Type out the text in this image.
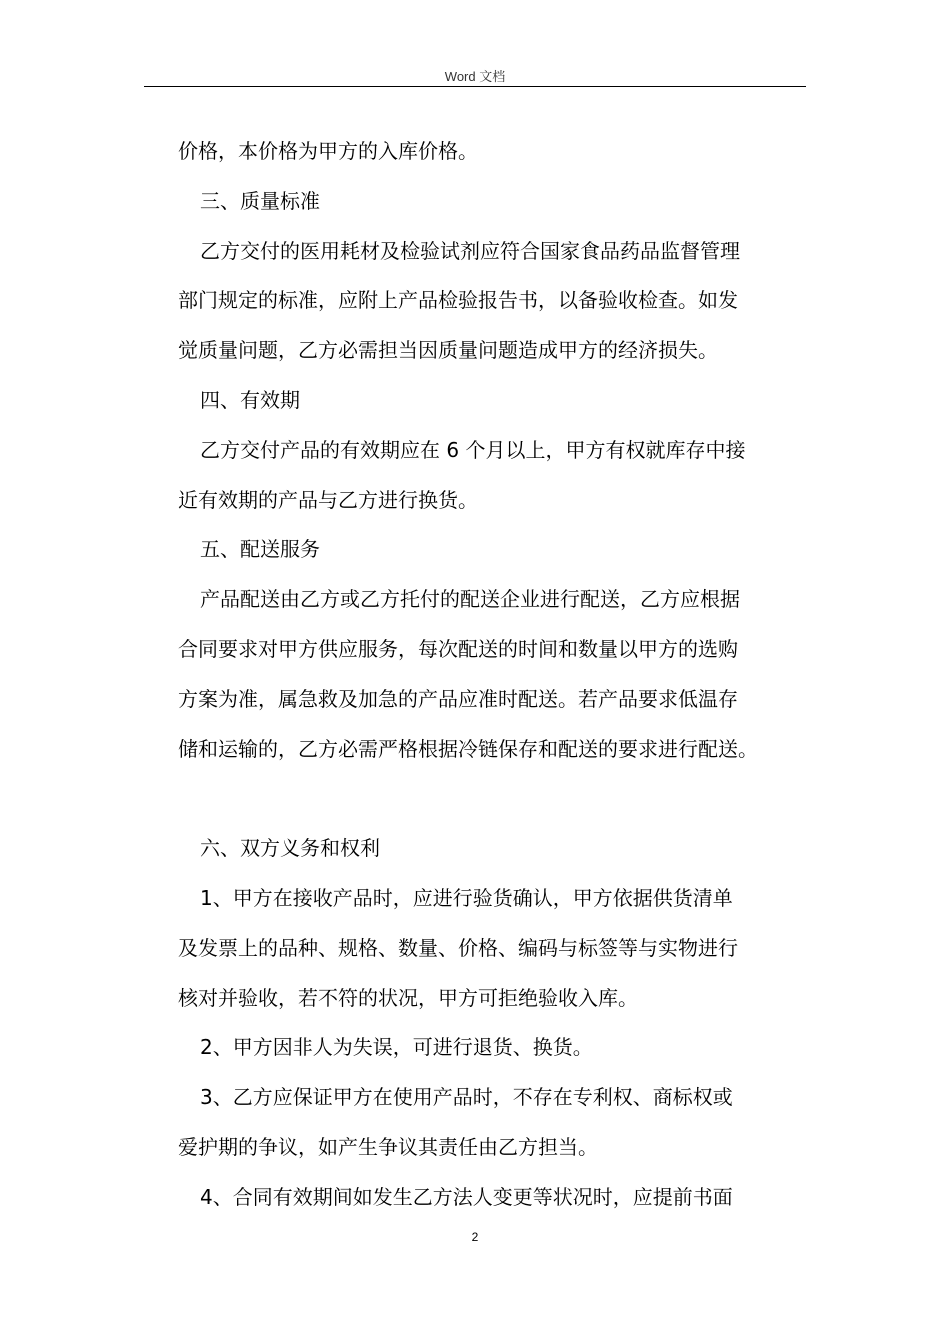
Word 文档
价格，本价格为甲方的入库价格。
三、质量标准
乙方交付的医用耗材及检验试剂应符合国家食品药品监督管理
部门规定的标准，应附上产品检验报告书，以备验收检查。如发
觉质量问题，乙方必需担当因质量问题造成甲方的经济损失。
四、有效期
乙方交付产品的有效期应在 6 个月以上，甲方有权就库存中接
近有效期的产品与乙方进行换货。
五、配送服务
产品配送由乙方或乙方托付的配送企业进行配送，乙方应根据
合同要求对甲方供应服务，每次配送的时间和数量以甲方的选购
方案为准，属急救及加急的产品应准时配送。若产品要求低温存
储和运输的，乙方必需严格根据冷链保存和配送的要求进行配送。
六、双方义务和权利
1、甲方在接收产品时，应进行验货确认，甲方依据供货清单
及发票上的品种、规格、数量、价格、编码与标签等与实物进行
核对并验收，若不符的状况，甲方可拒绝验收入库。
2、甲方因非人为失误，可进行退货、换货。
3、乙方应保证甲方在使用产品时，不存在专利权、商标权或
爱护期的争议，如产生争议其责任由乙方担当。
4、合同有效期间如发生乙方法人变更等状况时，应提前书面
2
